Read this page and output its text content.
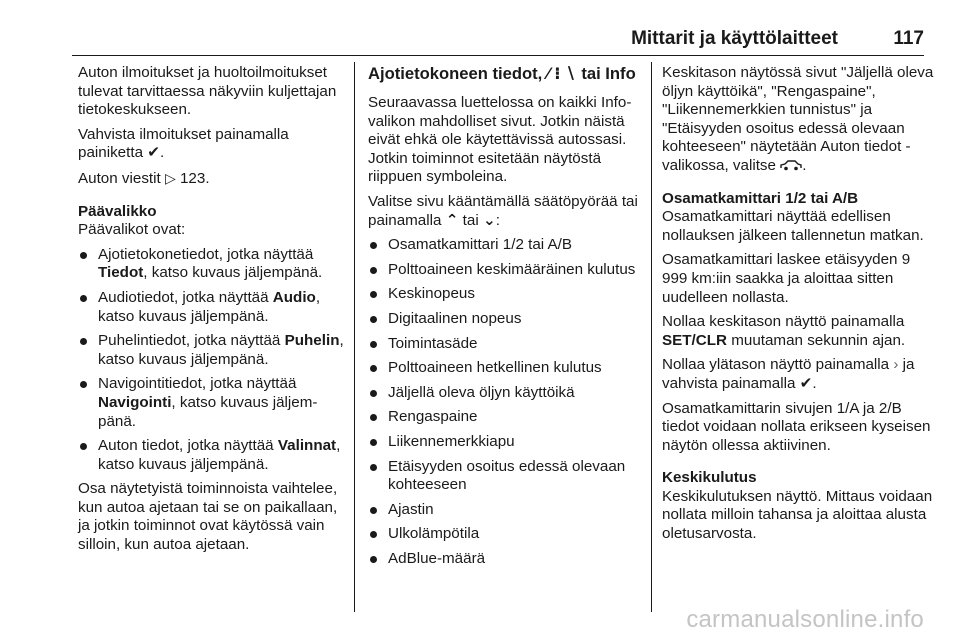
Mittarit ja käyttölaitteet	117

Auton ilmoitukset ja huoltoilmoitukset tulevat tarvittaessa näkyviin kuljettajan tietokeskukseen.

Vahvista ilmoitukset painamalla painiketta ✔.

Auton viestit ▷ 123.

Päävalikko

Päävalikot ovat:

Ajotietokonetiedot, jotka näyttää Tiedot, katso kuvaus jäljempänä.
Audiotiedot, jotka näyttää Audio, katso kuvaus jäljempänä.
Puhelintiedot, jotka näyttää Puhelin, katso kuvaus jäljempänä.
Navigointitiedot, jotka näyttää Navigointi, katso kuvaus jäljempänä.
Auton tiedot, jotka näyttää Valinnat, katso kuvaus jäljempänä.

Osa näytetyistä toiminnoista vaihtelee, kun autoa ajetaan tai se on paikallaan, ja jotkin toiminnot ovat käytössä vain silloin, kun autoa ajetaan.

Ajotietokoneen tiedot, ⁄ ⁝ ∖ tai Info

Seuraavassa luettelossa on kaikki Info-valikon mahdolliset sivut. Jotkin näistä eivät ehkä ole käytettävissä autossasi. Jotkin toiminnot esitetään näytöstä riippuen symboleina.

Valitse sivu kääntämällä säätöpyörää tai painamalla ⌃ tai ⌄:

Osamatkamittari 1/2 tai A/B
Polttoaineen keskimääräinen kulutus
Keskinopeus
Digitaalinen nopeus
Toimintasäde
Polttoaineen hetkellinen kulutus
Jäljellä oleva öljyn käyttöikä
Rengaspaine
Liikennemerkkiapu
Etäisyyden osoitus edessä olevaan kohteeseen
Ajastin
Ulkolämpötila
AdBlue-määrä

Keskitason näytössä sivut "Jäljellä oleva öljyn käyttöikä", "Rengaspaine", "Liikennemerkkien tunnistus" ja "Etäisyyden osoitus edessä olevaan kohteeseen" näytetään Auton tiedot -valikossa, valitse .

Osamatkamittari 1/2 tai A/B

Osamatkamittari näyttää edellisen nollauksen jälkeen tallennetun matkan.

Osamatkamittari laskee etäisyyden 9 999 km:iin saakka ja aloittaa sitten uudelleen nollasta.

Nollaa keskitason näyttö painamalla SET/CLR muutaman sekunnin ajan.

Nollaa ylätason näyttö painamalla › ja vahvista painamalla ✔.

Osamatkamittarin sivujen 1/A ja 2/B tiedot voidaan nollata erikseen kyseisen näytön ollessa aktiivinen.

Keskikulutus

Keskikulutuksen näyttö. Mittaus voidaan nollata milloin tahansa ja aloittaa alusta oletusarvosta.

carmanualsonline.info
